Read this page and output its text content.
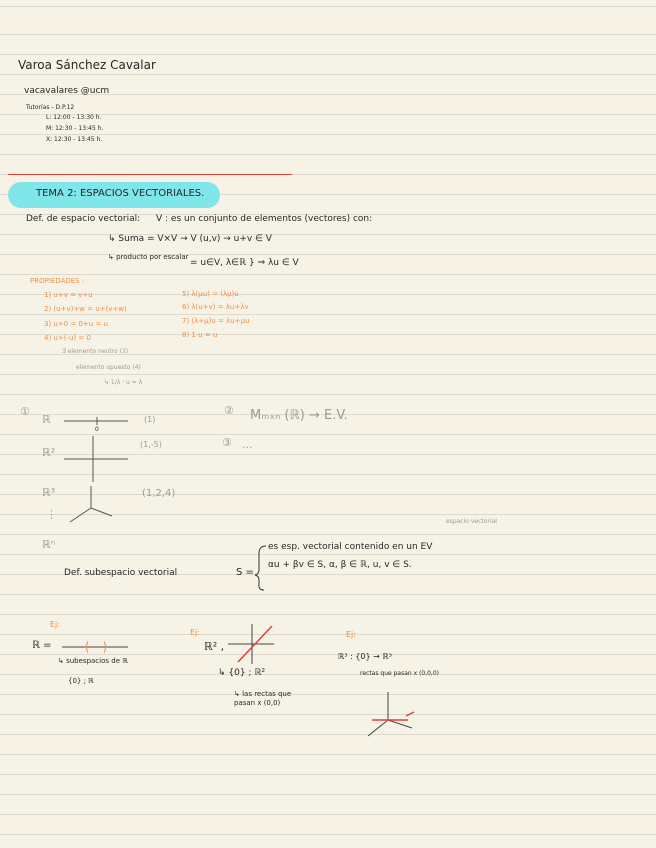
Varoa Sánchez Cavalar
vacavalares @ucm
Tutorías - D.P.12
L: 12:00 - 13:30 h.
M: 12:30 - 13:45 h.
X: 12:30 - 13:45 h.
TEMA 2: ESPACIOS VECTORIALES.
Def. de espacio vectorial: V : es un conjunto de elementos (vectores) con:
↳ Suma = V×V → V (u,v) → u+v ∈ V
↳ producto por escalar
= u∈V, λ∈ℝ } ⇒ λu ∈ V
PROPIEDADES :
1) u+v = v+u
2) (u+v)+w = u+(v+w)
3) u+0 = 0+u = u
4) u+(-u) = 0
5) λ(μu) = (λμ)u
6) λ(u+v) = λu+λv
7) (λ+μ)u = λu+μu
8) 1·u = u
∃ elemento neutro (3)
elemento opuesto (4)
↳ 1/λ · u = λ
①
ℝ
0
(1)
② Mₘₓₙ (ℝ) → E.V.
③ ...
ℝ²
(1,-5)
ℝ³	(1,2,4)
⋮
ℝⁿ
espacio vectorial
Def. subespacio vectorial	S =
es esp. vectorial contenido en un EV
αu + βv ∈ S, α, β ∈ ℝ, u, v ∈ S.
Ej:
ℝ =
↳ subespacios de ℝ
{0} ; ℝ
Ej:
ℝ² ,
↳ {0} ; ℝ²
↳ las rectas que pasan x (0,0)
Ej:
ℝ³ : {0} → ℝ³
rectas que pasan x (0,0,0)
